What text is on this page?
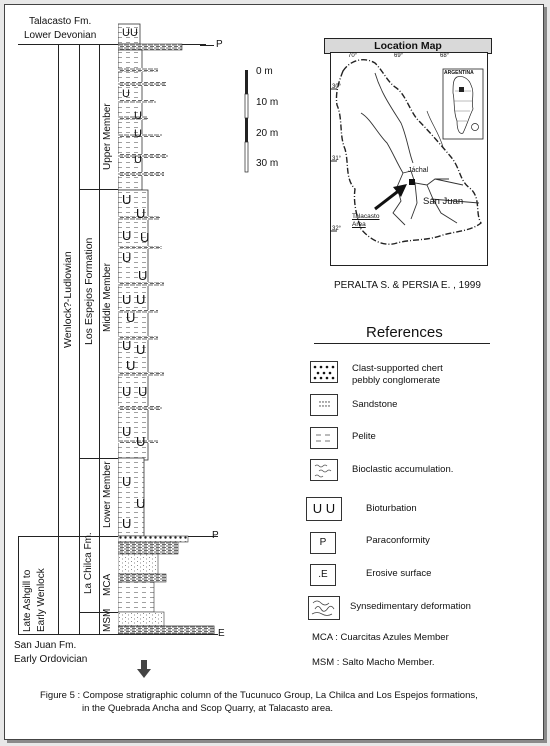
Talacasto Fm.
Lower Devonian
Wenlock?-Ludlowian Los Espejos Formation
Upper Member
Middle Member
Lower Member
Late Ashgill to Early Wenlock
La Chilca Fm. MCA
MSM
U U
U
U
U
U
U
U
U U
U
U
U U
U
U U
U
U U
U
U
U
U
U
P
P
E
San Juan Fm.
Early Ordovician
0 m
10 m
20 m
30 m
Location Map
70°	69°	68°
30°
31°
32°
ARGENTINA
Jáchal
San Juan
Talacasto
Area
PERALTA S. & PERSIA E. , 1999
References
Clast-supported chert
pebbly conglomerate
Sandstone
Pelite
Bioclastic accumulation.
U U	Bioturbation
P	Paraconformity
.E	Erosive surface
Synsedimentary deformation
MCA : Cuarcitas Azules Member
MSM : Salto Macho Member.
Figure 5 : Compose stratigraphic column of the Tucunuco Group, La Chilca and Los Espejos formations,
in the Quebrada Ancha and Scop Quarry, at Talacasto area.
